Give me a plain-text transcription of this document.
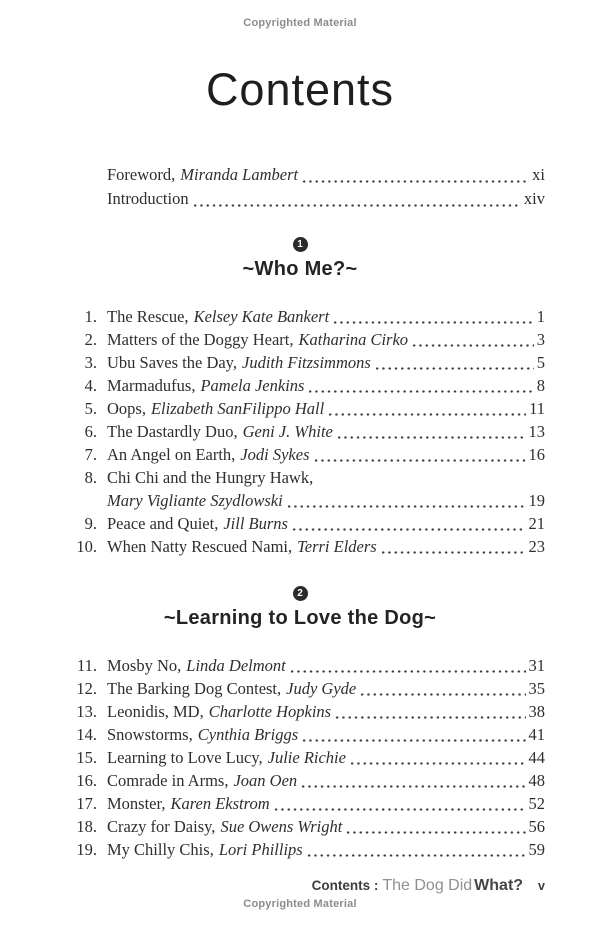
Copyrighted Material
Contents
Foreword, Miranda Lambert	xi
Introduction	xiv
1
~Who Me?~
1. The Rescue, Kelsey Kate Bankert	1
2. Matters of the Doggy Heart, Katharina Cirko	3
3. Ubu Saves the Day, Judith Fitzsimmons	5
4. Marmadufus, Pamela Jenkins	8
5. Oops, Elizabeth SanFilippo Hall	11
6. The Dastardly Duo, Geni J. White	13
7. An Angel on Earth, Jodi Sykes	16
8. Chi Chi and the Hungry Hawk,
Mary Vigliante Szydlowski	19
9. Peace and Quiet, Jill Burns	21
10. When Natty Rescued Nami, Terri Elders	23
2
~Learning to Love the Dog~
11. Mosby No, Linda Delmont	31
12. The Barking Dog Contest, Judy Gyde	35
13. Leonidis, MD, Charlotte Hopkins	38
14. Snowstorms, Cynthia Briggs	41
15. Learning to Love Lucy, Julie Richie	44
16. Comrade in Arms, Joan Oen	48
17. Monster, Karen Ekstrom	52
18. Crazy for Daisy, Sue Owens Wright	56
19. My Chilly Chis, Lori Phillips	59
Contents : The Dog Did What? v
Copyrighted Material
